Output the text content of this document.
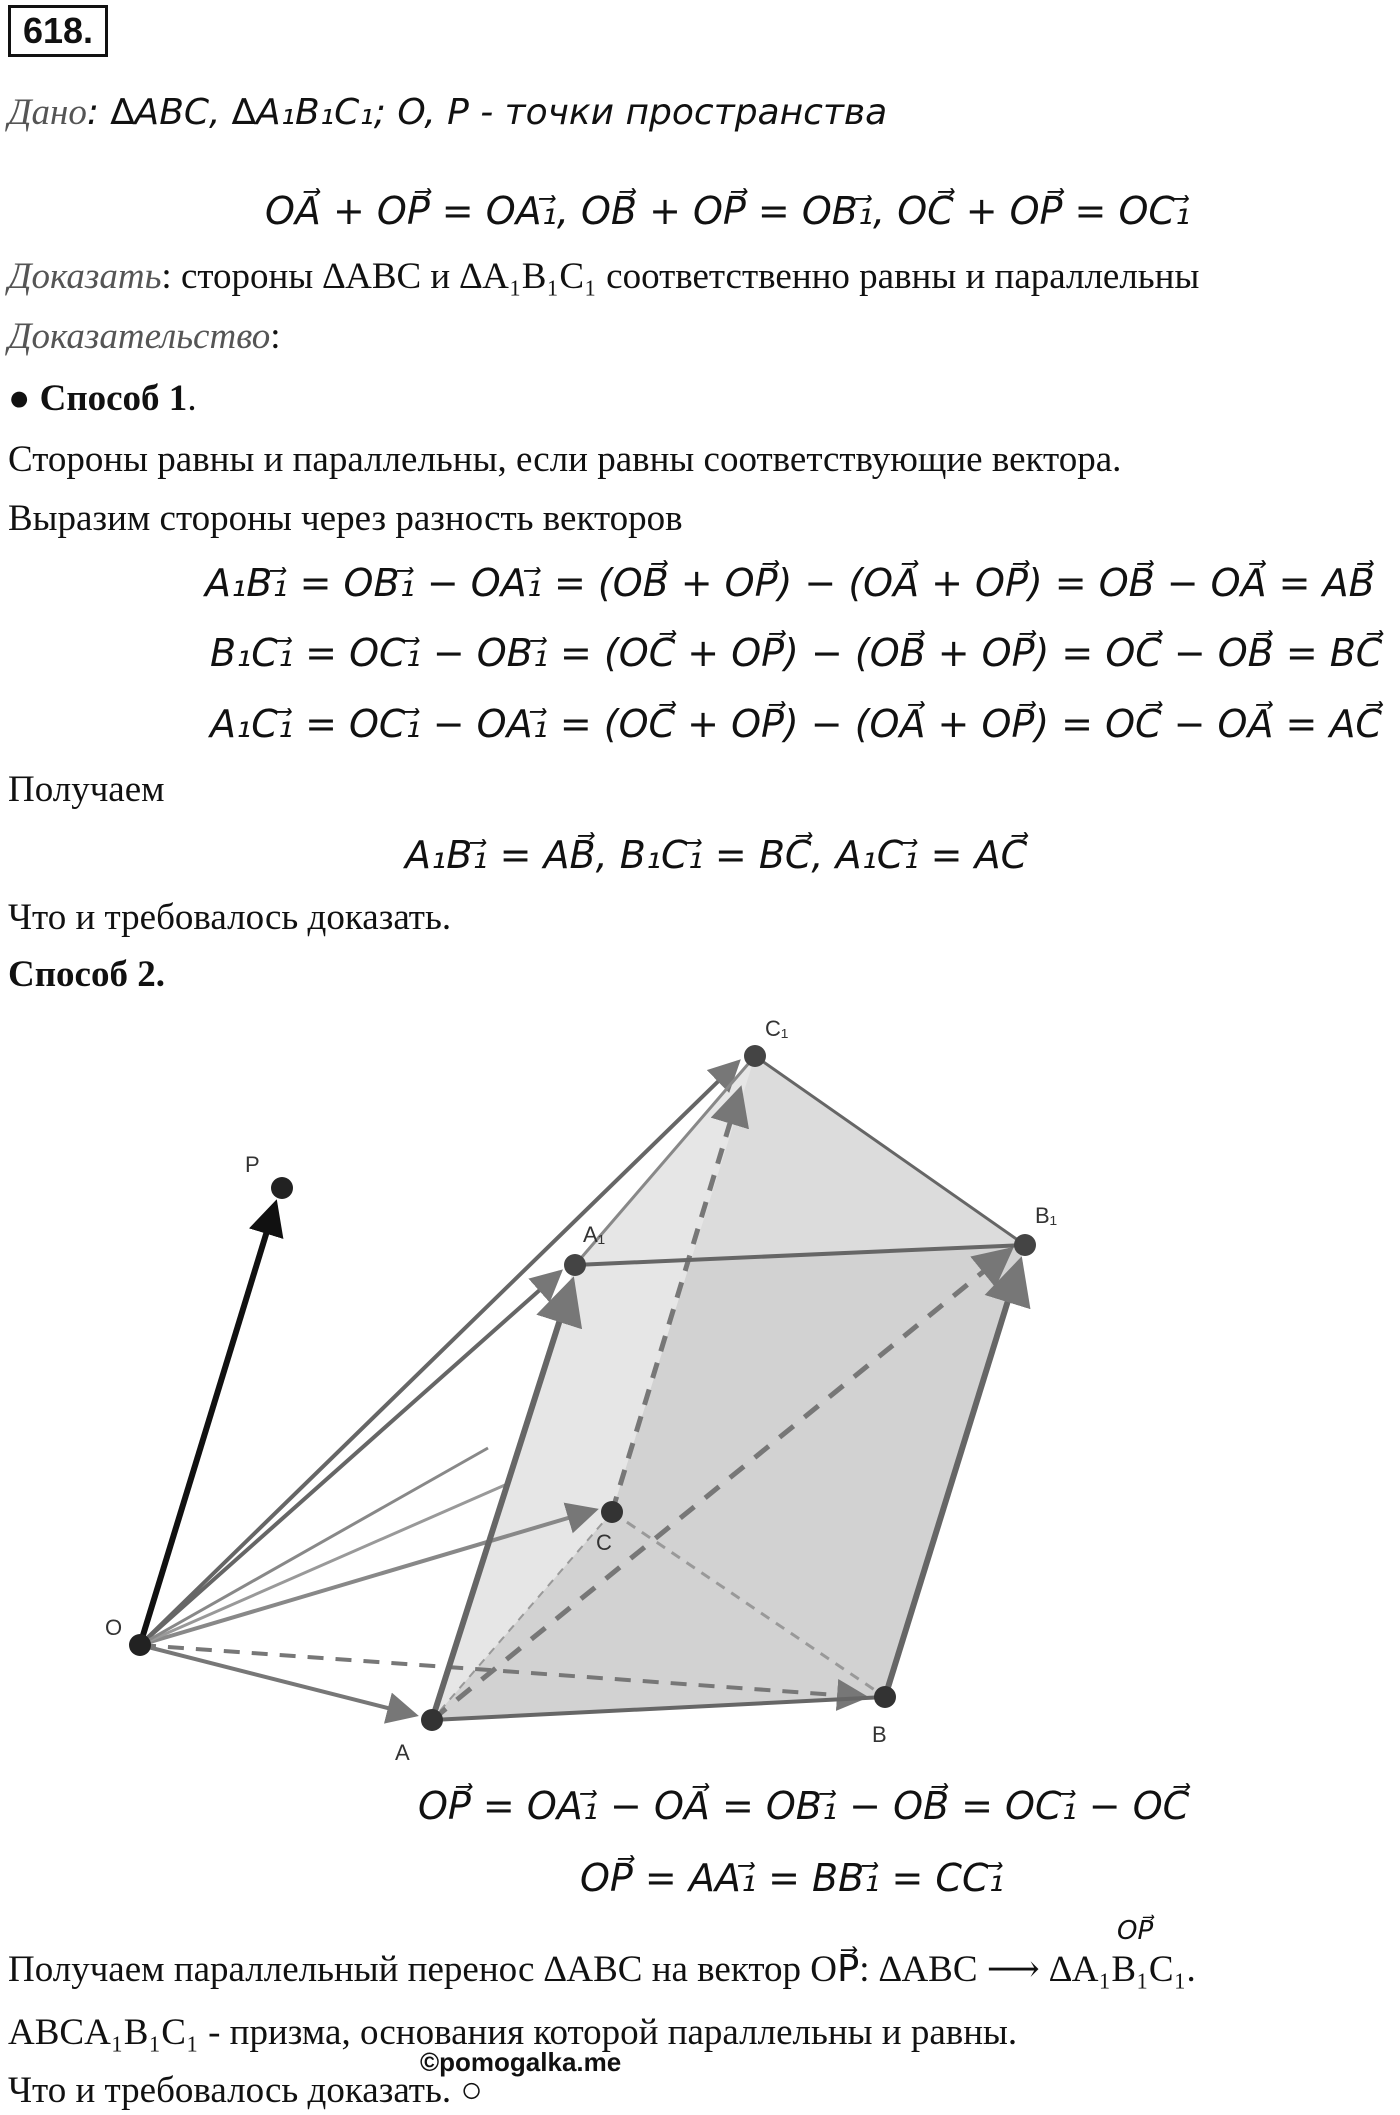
618.
Дано: ∆ABC, ∆A₁B₁C₁; O, P - точки пространства
OA⃗ + OP⃗ = OA₁⃗, OB⃗ + OP⃗ = OB₁⃗, OC⃗ + OP⃗ = OC₁⃗
Доказать: стороны ∆ABC и ∆A₁B₁C₁ соответственно равны и параллельны
Доказательство:
● Способ 1.
Стороны равны и параллельны, если равны соответствующие вектора.
Выразим стороны через разность векторов
A₁B₁⃗ = OB₁⃗ − OA₁⃗ = (OB⃗ + OP⃗) − (OA⃗ + OP⃗) = OB⃗ − OA⃗ = AB⃗
B₁C₁⃗ = OC₁⃗ − OB₁⃗ = (OC⃗ + OP⃗) − (OB⃗ + OP⃗) = OC⃗ − OB⃗ = BC⃗
A₁C₁⃗ = OC₁⃗ − OA₁⃗ = (OC⃗ + OP⃗) − (OA⃗ + OP⃗) = OC⃗ − OA⃗ = AC⃗
Получаем
A₁B₁⃗ = AB⃗, B₁C₁⃗ = BC⃗, A₁C₁⃗ = AC⃗
Что и требовалось доказать.
Способ 2.
O
P
A
B
C
A₁
B₁
C₁
OP⃗ = OA₁⃗ − OA⃗ = OB₁⃗ − OB⃗ = OC₁⃗ − OC⃗
OP⃗ = AA₁⃗ = BB₁⃗ = CC₁⃗
OP⃗
Получаем параллельный перенос ∆ABC на вектор OP⃗: ∆ABC ⟶ ∆A₁B₁C₁.
ABCA₁B₁C₁ - призма, основания которой параллельны и равны.
Что и требовалось доказать. ○
©pomogalka.me
